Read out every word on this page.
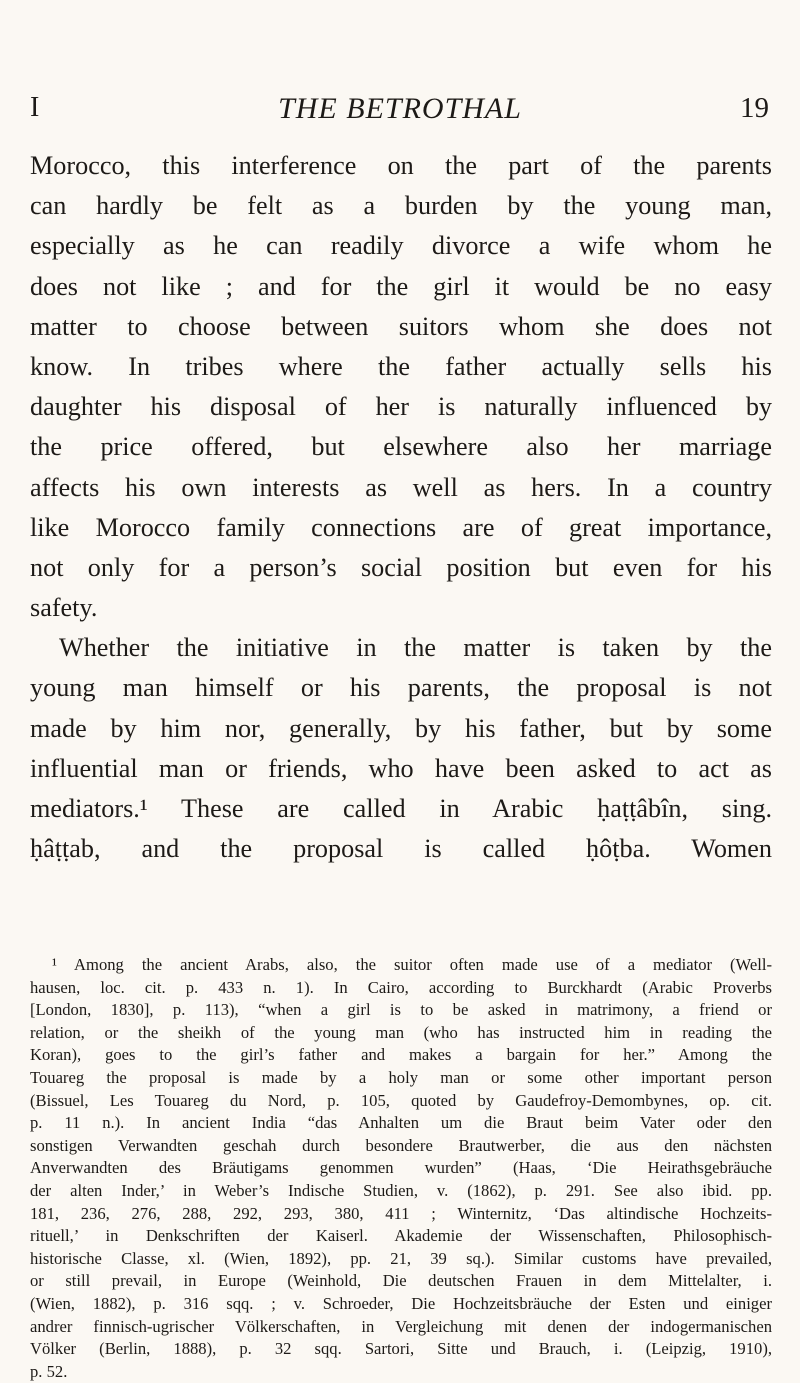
I	THE BETROTHAL	19
Morocco, this interference on the part of the parents
can hardly be felt as a burden by the young man,
especially as he can readily divorce a wife whom he
does not like ; and for the girl it would be no easy
matter to choose between suitors whom she does not
know. In tribes where the father actually sells his
daughter his disposal of her is naturally influenced by
the price offered, but elsewhere also her marriage
affects his own interests as well as hers. In a country
like Morocco family connections are of great importance,
not only for a person’s social position but even for his
safety.
Whether the initiative in the matter is taken by the
young man himself or his parents, the proposal is not
made by him nor, generally, by his father, but by some
influential man or friends, who have been asked to act as
mediators.¹ These are called in Arabic ḥaṭṭâbîn, sing.
ḥâṭṭab, and the proposal is called ḥôṭba. Women
¹ Among the ancient Arabs, also, the suitor often made use of a mediator (Well-
hausen, loc. cit. p. 433 n. 1). In Cairo, according to Burckhardt (Arabic Proverbs
[London, 1830], p. 113), “when a girl is to be asked in matrimony, a friend or
relation, or the sheikh of the young man (who has instructed him in reading the
Koran), goes to the girl’s father and makes a bargain for her.” Among the
Touareg the proposal is made by a holy man or some other important person
(Bissuel, Les Touareg du Nord, p. 105, quoted by Gaudefroy-Demombynes, op. cit.
p. 11 n.). In ancient India “das Anhalten um die Braut beim Vater oder den
sonstigen Verwandten geschah durch besondere Brautwerber, die aus den nächsten
Anverwandten des Bräutigams genommen wurden” (Haas, ‘Die Heirathsgebräuche
der alten Inder,’ in Weber’s Indische Studien, v. (1862), p. 291. See also ibid. pp.
181, 236, 276, 288, 292, 293, 380, 411 ; Winternitz, ‘Das altindische Hochzeits-
rituell,’ in Denkschriften der Kaiserl. Akademie der Wissenschaften, Philosophisch-
historische Classe, xl. (Wien, 1892), pp. 21, 39 sq.). Similar customs have prevailed,
or still prevail, in Europe (Weinhold, Die deutschen Frauen in dem Mittelalter, i.
(Wien, 1882), p. 316 sqq. ; v. Schroeder, Die Hochzeitsbräuche der Esten und einiger
andrer finnisch-ugrischer Völkerschaften, in Vergleichung mit denen der indogermanischen
Völker (Berlin, 1888), p. 32 sqq. Sartori, Sitte und Brauch, i. (Leipzig, 1910),
p. 52.
